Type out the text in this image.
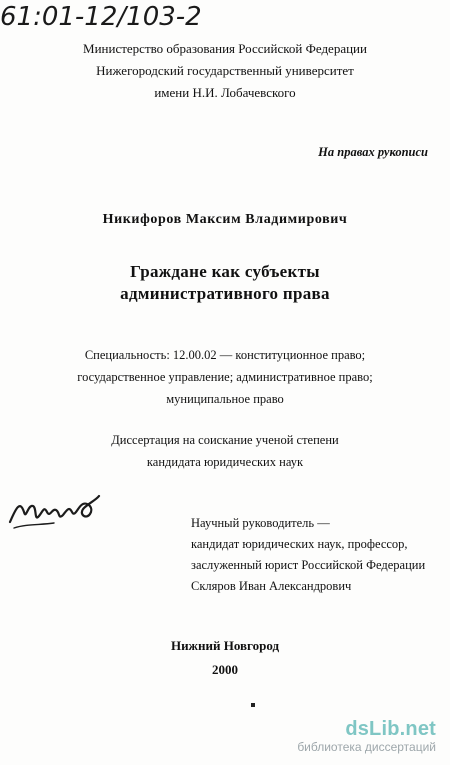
61:01-12/103-2
Министерство образования Российской Федерации
Нижегородский государственный университет
имени Н.И. Лобачевского
На правах рукописи
Никифоров Максим Владимирович
Граждане как субъекты
административного права
Специальность: 12.00.02 — конституционное право;
государственное управление; административное право;
муниципальное право
Диссертация на соискание ученой степени
кандидата юридических наук
Научный руководитель —
кандидат юридических наук, профессор,
заслуженный юрист Российской Федерации
Скляров Иван Александрович
Нижний Новгород
2000
dsLib.net
библиотека диссертаций
